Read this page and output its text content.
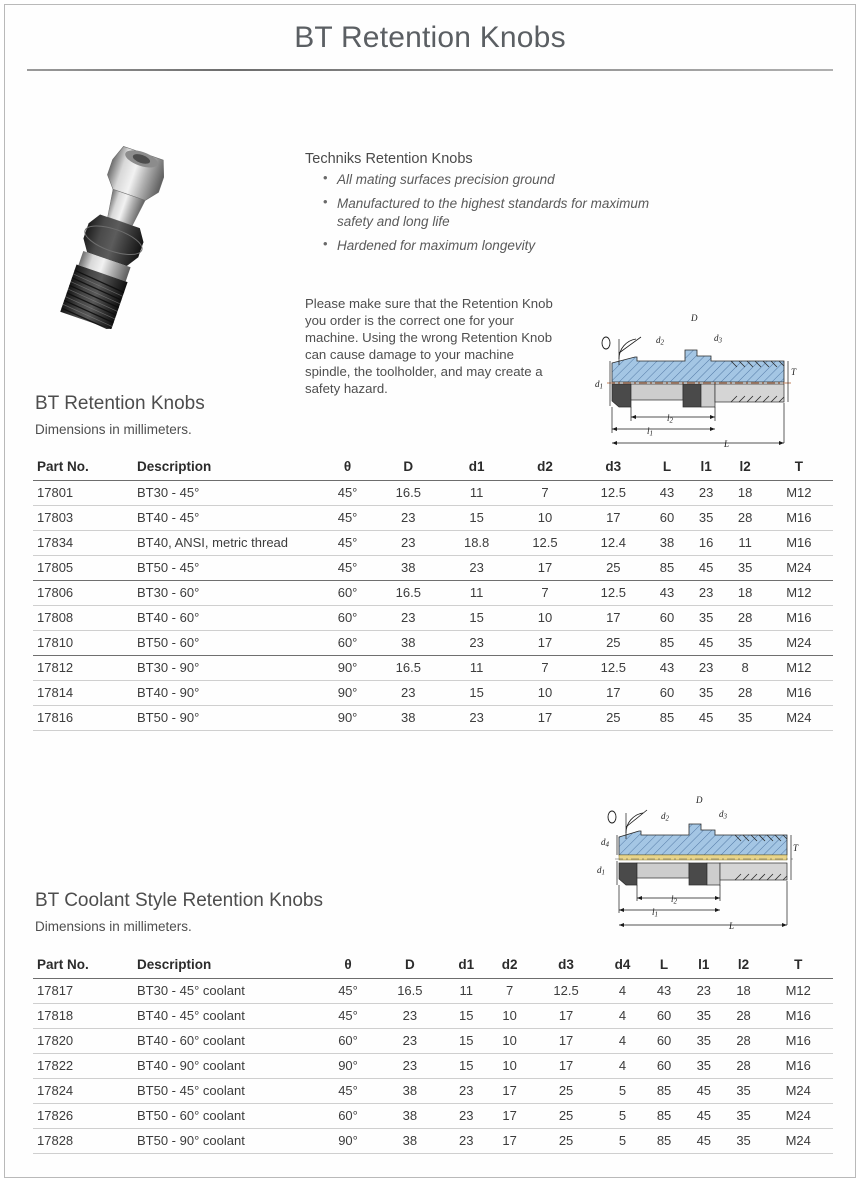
BT Retention Knobs
Techniks Retention Knobs
• All mating surfaces precision ground
• Manufactured to the highest standards for maximum safety and long life
• Hardened for maximum longevity
Please make sure that the Retention Knob you order is the correct one for your machine. Using the wrong Retention Knob can cause damage to your machine spindle, the toolholder, and may create a safety hazard.	d1
d2
D
d3
T
l2
l1
L
BT Retention Knobs
Dimensions in millimeters.
Part No.	Description	θ	D	d1	d2	d3	L	l1	l2	T
17801	BT30 - 45°	45°	16.5	11	7	12.5	43	23	18	M12
17803	BT40 - 45°	45°	23	15	10	17	60	35	28	M16
17834	BT40, ANSI, metric thread	45°	23	18.8	12.5	12.4	38	16	11	M16
17805	BT50 - 45°	45°	38	23	17	25	85	45	35	M24
17806	BT30 - 60°	60°	16.5	11	7	12.5	43	23	18	M12
17808	BT40 - 60°	60°	23	15	10	17	60	35	28	M16
17810	BT50 - 60°	60°	38	23	17	25	85	45	35	M24
17812	BT30 - 90°	90°	16.5	11	7	12.5	43	23	8	M12
17814	BT40 - 90°	90°	23	15	10	17	60	35	28	M16
17816	BT50 - 90°	90°	38	23	17	25	85	45	35	M24
d4
d1
d2
D
d3
T
l2
l1
L
BT Coolant Style Retention Knobs
Dimensions in millimeters.
Part No.	Description	θ	D	d1	d2	d3	d4	L	l1	l2	T
17817	BT30 - 45° coolant	45°	16.5	11	7	12.5	4	43	23	18	M12
17818	BT40 - 45° coolant	45°	23	15	10	17	4	60	35	28	M16
17820	BT40 - 60° coolant	60°	23	15	10	17	4	60	35	28	M16
17822	BT40 - 90° coolant	90°	23	15	10	17	4	60	35	28	M16
17824	BT50 - 45° coolant	45°	38	23	17	25	5	85	45	35	M24
17826	BT50 - 60° coolant	60°	38	23	17	25	5	85	45	35	M24
17828	BT50 - 90° coolant	90°	38	23	17	25	5	85	45	35	M24
